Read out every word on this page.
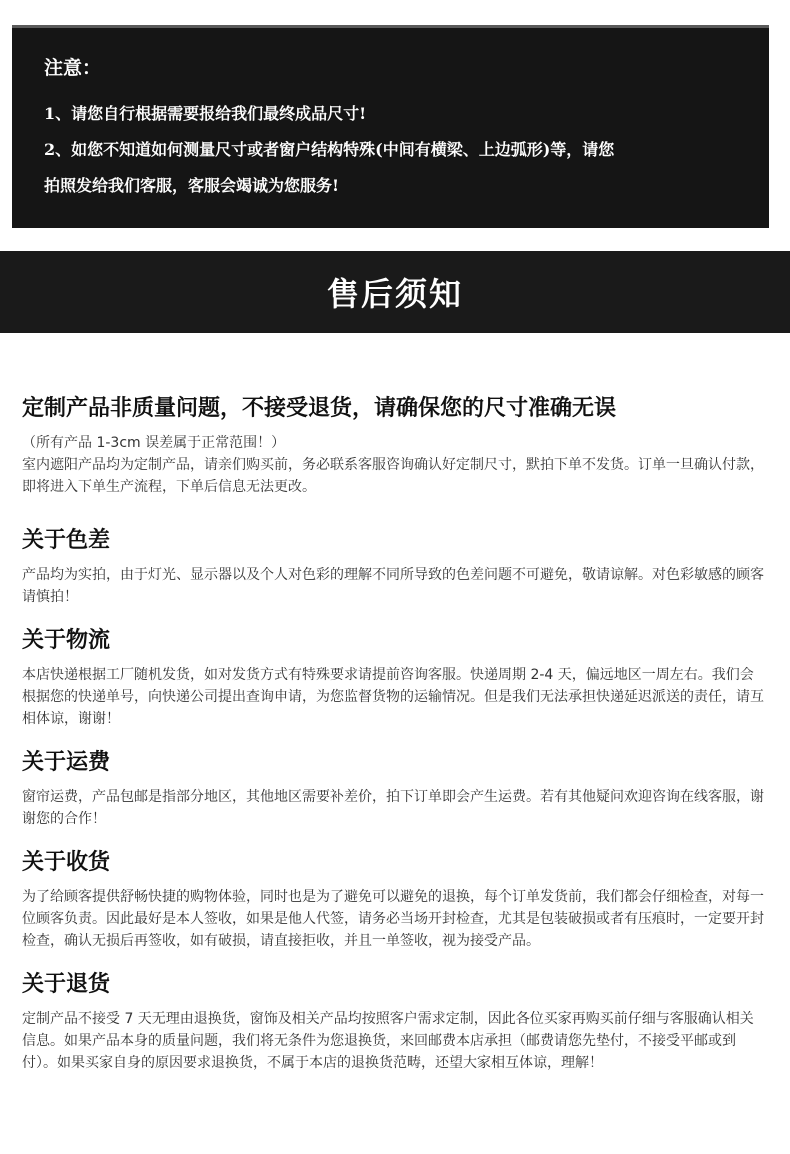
注意：

1、请您自行根据需要报给我们最终成品尺寸!

2、如您不知道如何测量尺寸或者窗户结构特殊(中间有横梁、上边弧形)等，请您

拍照发给我们客服，客服会竭诚为您服务!

售后须知
定制产品非质量问题，不接受退货，请确保您的尺寸准确无误

（所有产品 1-3cm 误差属于正常范围！）

室内遮阳产品均为定制产品，请亲们购买前，务必联系客服咨询确认好定制尺寸，默拍下单不发货。订单一旦确认付款，即将进入下单生产流程，下单后信息无法更改。

关于色差

产品均为实拍，由于灯光、显示器以及个人对色彩的理解不同所导致的色差问题不可避免，敬请谅解。对色彩敏感的顾客请慎拍！

关于物流

本店快递根据工厂随机发货，如对发货方式有特殊要求请提前咨询客服。快递周期 2-4 天，偏远地区一周左右。我们会根据您的快递单号，向快递公司提出查询申请，为您监督货物的运输情况。但是我们无法承担快递延迟派送的责任，请互相体谅，谢谢！

关于运费

窗帘运费，产品包邮是指部分地区，其他地区需要补差价，拍下订单即会产生运费。若有其他疑问欢迎咨询在线客服，谢谢您的合作！

关于收货

为了给顾客提供舒畅快捷的购物体验，同时也是为了避免可以避免的退换，每个订单发货前，我们都会仔细检查，对每一位顾客负责。因此最好是本人签收，如果是他人代签，请务必当场开封检查，尤其是包装破损或者有压痕时，一定要开封检查，确认无损后再签收，如有破损，请直接拒收，并且一单签收，视为接受产品。

关于退货

定制产品不接受 7 天无理由退换货，窗饰及相关产品均按照客户需求定制，因此各位买家再购买前仔细与客服确认相关信息。如果产品本身的质量问题，我们将无条件为您退换货，来回邮费本店承担（邮费请您先垫付，不接受平邮或到付）。如果买家自身的原因要求退换货，不属于本店的退换货范畴，还望大家相互体谅，理解！
